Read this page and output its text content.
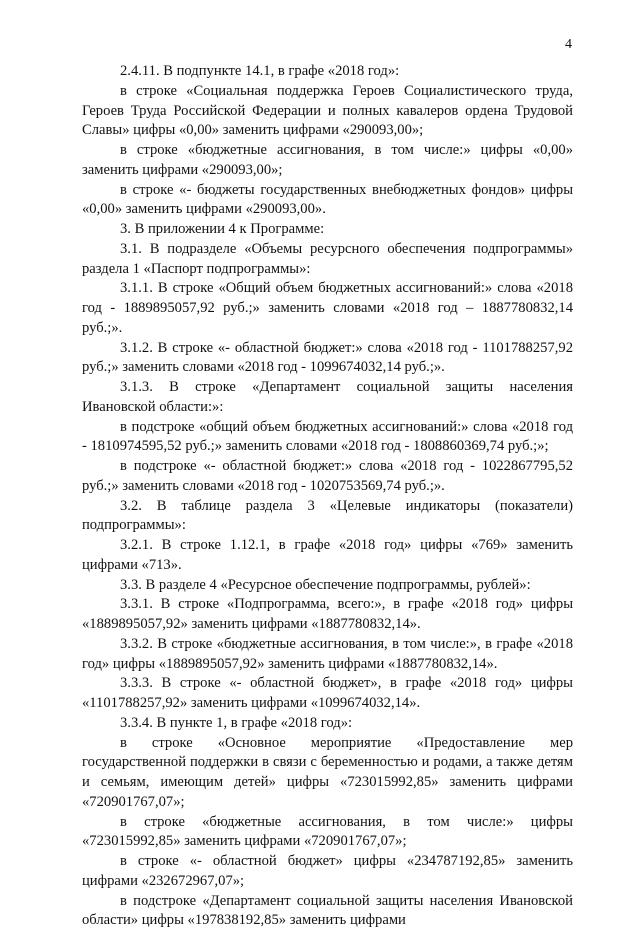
4

2.4.11. В подпункте 14.1, в графе «2018 год»:

в строке «Социальная поддержка Героев Социалистического труда, Героев Труда Российской Федерации и полных кавалеров ордена Трудовой Славы» цифры «0,00» заменить цифрами «290093,00»;

в строке «бюджетные ассигнования, в том числе:» цифры «0,00» заменить цифрами «290093,00»;

в строке «- бюджеты государственных внебюджетных фондов» цифры «0,00» заменить цифрами «290093,00».

3. В приложении 4 к Программе:

3.1. В подразделе «Объемы ресурсного обеспечения подпрограммы» раздела 1 «Паспорт подпрограммы»:

3.1.1. В строке «Общий объем бюджетных ассигнований:» слова «2018 год - 1889895057,92 руб.;» заменить словами «2018 год – 1887780832,14 руб.;».

3.1.2. В строке «- областной бюджет:» слова «2018 год - 1101788257,92 руб.;» заменить словами «2018 год - 1099674032,14 руб.;».

3.1.3. В строке «Департамент социальной защиты населения Ивановской области:»:

в подстроке «общий объем бюджетных ассигнований:» слова «2018 год - 1810974595,52 руб.;» заменить словами «2018 год - 1808860369,74 руб.;»;

в подстроке «- областной бюджет:» слова «2018 год - 1022867795,52 руб.;» заменить словами «2018 год - 1020753569,74 руб.;».

3.2. В таблице раздела 3 «Целевые индикаторы (показатели) подпрограммы»:

3.2.1. В строке 1.12.1, в графе «2018 год» цифры «769» заменить цифрами «713».

3.3. В разделе 4 «Ресурсное обеспечение подпрограммы, рублей»:

3.3.1. В строке «Подпрограмма, всего:», в графе «2018 год» цифры «1889895057,92» заменить цифрами «1887780832,14».

3.3.2. В строке «бюджетные ассигнования, в том числе:», в графе «2018 год» цифры «1889895057,92» заменить цифрами «1887780832,14».

3.3.3. В строке «- областной бюджет», в графе «2018 год» цифры «1101788257,92» заменить цифрами «1099674032,14».

3.3.4. В пункте 1, в графе «2018 год»:

в строке «Основное мероприятие «Предоставление мер государственной поддержки в связи с беременностью и родами, а также детям и семьям, имеющим детей» цифры «723015992,85» заменить цифрами «720901767,07»;

в строке «бюджетные ассигнования, в том числе:» цифры «723015992,85» заменить цифрами «720901767,07»;

в строке «- областной бюджет» цифры «234787192,85» заменить цифрами «232672967,07»;

в подстроке «Департамент социальной защиты населения Ивановской области» цифры «197838192,85» заменить цифрами
